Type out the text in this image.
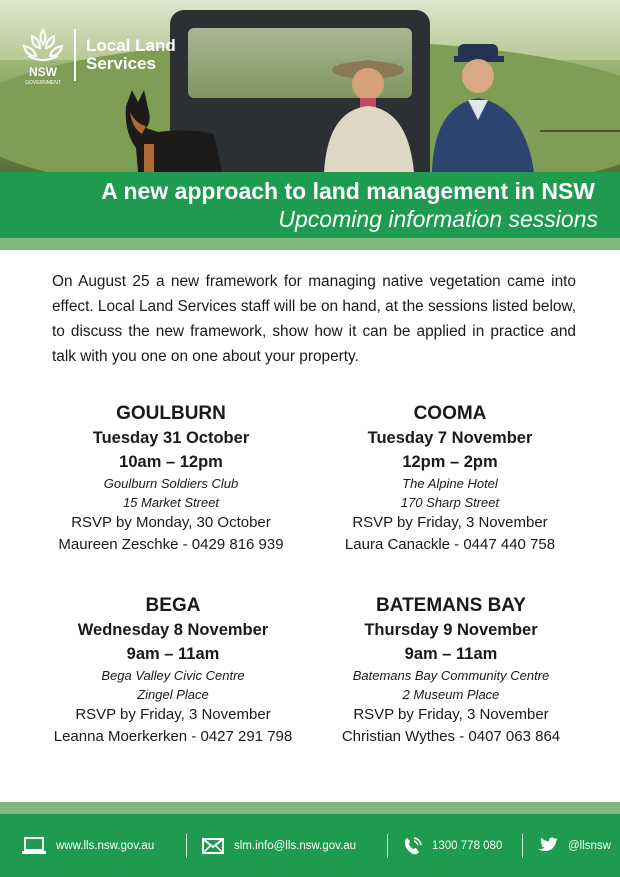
NSW
GOVERNMENT
Local Land
Services
A new approach to land management in NSW
Upcoming information sessions

On August 25 a new framework for managing native vegetation came into effect. Local Land Services staff will be on hand, at the sessions listed below, to discuss the new framework, show how it can be applied in practice and talk with you one on one about your property.

GOULBURN
Tuesday 31 October
10am – 12pm
Goulburn Soldiers Club
15 Market Street
RSVP by Monday, 30 October
Maureen Zeschke - 0429 816 939
COOMA
Tuesday 7 November
12pm – 2pm
The Alpine Hotel
170 Sharp Street
RSVP by Friday, 3 November
Laura Canackle - 0447 440 758
BEGA
Wednesday 8 November
9am – 11am
Bega Valley Civic Centre
Zingel Place
RSVP by Friday, 3 November
Leanna Moerkerken - 0427 291 798
BATEMANS BAY
Thursday 9 November
9am – 11am
Batemans Bay Community Centre
2 Museum Place
RSVP by Friday, 3 November
Christian Wythes - 0407 063 864
www.lls.nsw.gov.au	slm.info@lls.nsw.gov.au	1300 778 080	@llsnsw
